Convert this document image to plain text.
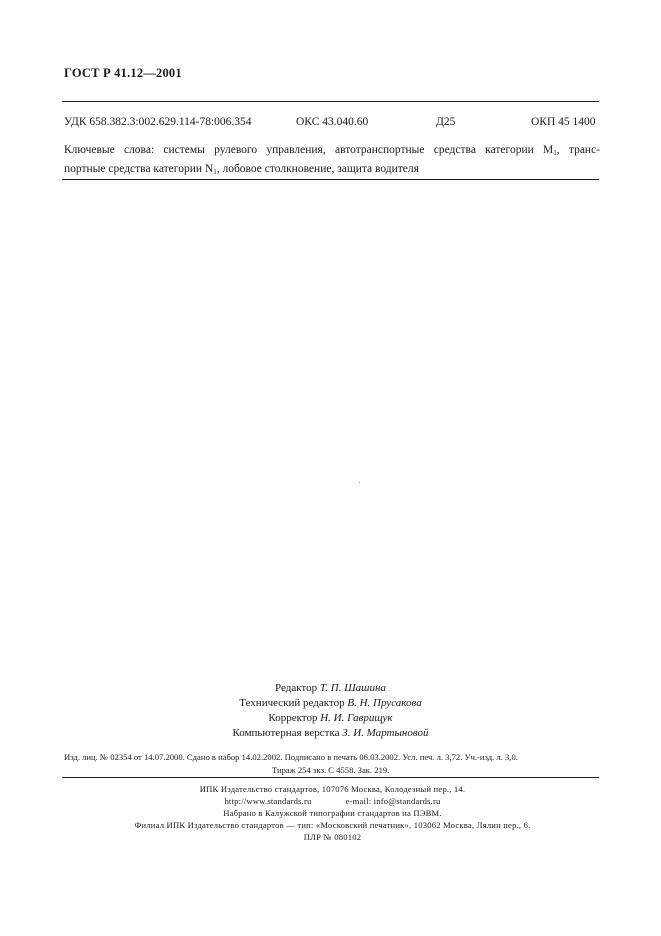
ГОСТ Р 41.12—2001
УДК 658.382.3:002.629.114-78:006.354	ОКС 43.040.60	Д25	ОКП 45 1400
Ключевые слова: системы рулевого управления, автотранспортные средства категории $M_1$, транс-
портные средства категории $N_1$, лобовое столкновение, защита водителя
Редактор Т. П. Шашина
Технический редактор В. Н. Прусакова
Корректор Н. И. Гаврищук
Компьютерная верстка З. И. Мартыновой
Изд. лиц. № 02354 от 14.07.2000. Сдано в набор 14.02.2002. Подписано в печать 06.03.2002. Усл. печ. л. 3,72. Уч.-изд. л. 3,0.
Тираж 254 экз. С 4558. Зак. 219.
ИПК Издательство стандартов, 107076 Москва, Колодезный пер., 14.
http://www.standards.ru	e-mail: info@standards.ru
Набрано в Калужской типографии стандартов на ПЭВМ.
Филиал ИПК Издательство стандартов — тип: «Московский печатник», 103062 Москва, Лялин пер., 6.
ПЛР № 080102
